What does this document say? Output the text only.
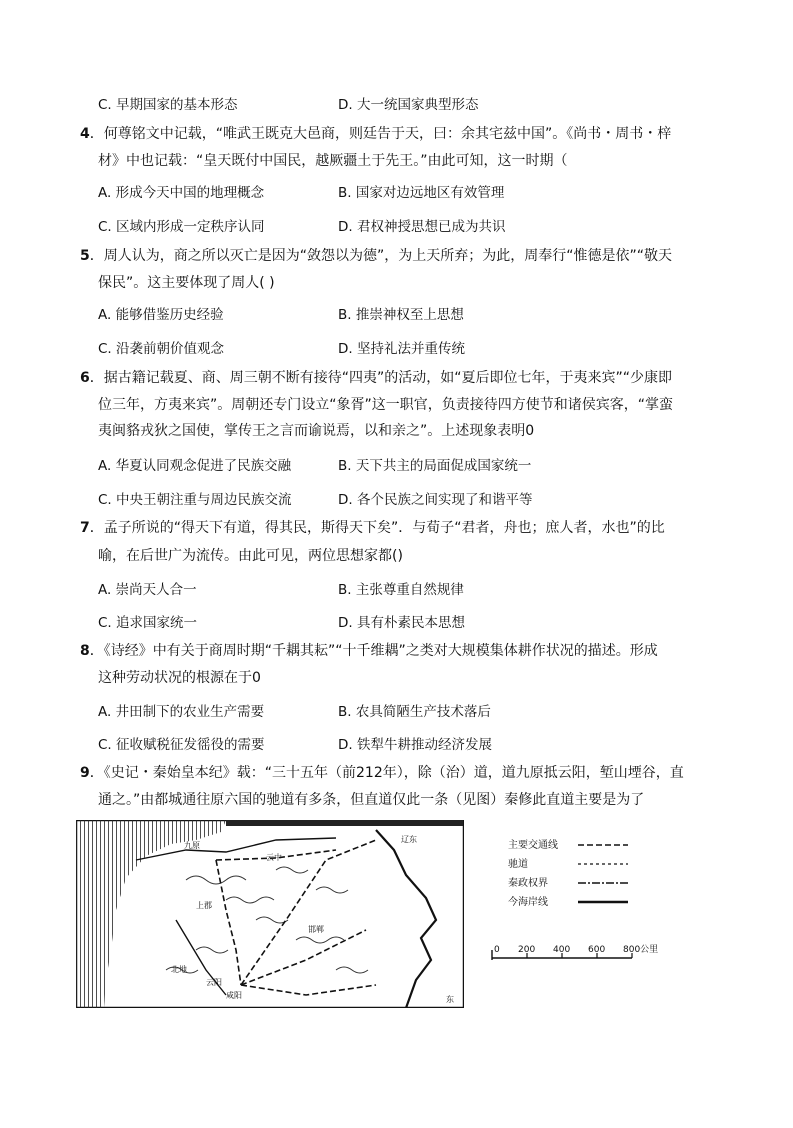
C. 早期国家的基本形态	D. 大一统国家典型形态
4．何尊铭文中记载，“唯武王既克大邑商，则廷告于天，曰：余其宅兹中国”。《尚书・周书・梓
材》中也记载：“皇天既付中国民，越厥疆土于先王。”由此可知，这一时期（
A. 形成今天中国的地理概念	B. 国家对边远地区有效管理
C. 区域内形成一定秩序认同	D. 君权神授思想已成为共识
5．周人认为，商之所以灭亡是因为“敛怨以为德”，为上天所弃；为此，周奉行“惟德是依”“敬天
保民”。这主要体现了周人( )
A. 能够借鉴历史经验	B. 推崇神权至上思想
C. 沿袭前朝价值观念	D. 坚持礼法并重传统
6．据古籍记载夏、商、周三朝不断有接待“四夷”的活动，如“夏后即位七年，于夷来宾”“少康即
位三年，方夷来宾”。周朝还专门设立“象胥”这一职官，负责接待四方使节和诸侯宾客，“掌蛮
夷闽貉戎狄之国使，掌传王之言而谕说焉，以和亲之”。上述现象表明0
A. 华夏认同观念促进了民族交融	B. 天下共主的局面促成国家统一
C. 中央王朝注重与周边民族交流	D. 各个民族之间实现了和谐平等
7．孟子所说的“得天下有道，得其民，斯得天下矣”．与荀子“君者，舟也；庶人者，水也”的比
喻，在后世广为流传。由此可见，两位思想家都()
A. 崇尚天人合一	B. 主张尊重自然规律
C. 追求国家统一	D. 具有朴素民本思想
8．《诗经》中有关于商周时期“千耦其耘”“十千维耦”之类对大规模集体耕作状况的描述。形成
这种劳动状况的根源在于0
A. 井田制下的农业生产需要	B. 农具简陋生产技术落后
C. 征收赋税征发徭役的需要	D. 铁犁牛耕推动经济发展
9．《史记・秦始皇本纪》载：“三十五年（前212年），除（治）道，道九原抵云阳，堑山堙谷，直
通之。”由都城通往原六国的驰道有多条，但直道仅此一条（见图）秦修此直道主要是为了
九原
云中
上郡
北地
云阳
咸阳
邯郸
辽东
东
主要交通线
驰道
秦政权界
今海岸线
0 200 400 600 800公里
